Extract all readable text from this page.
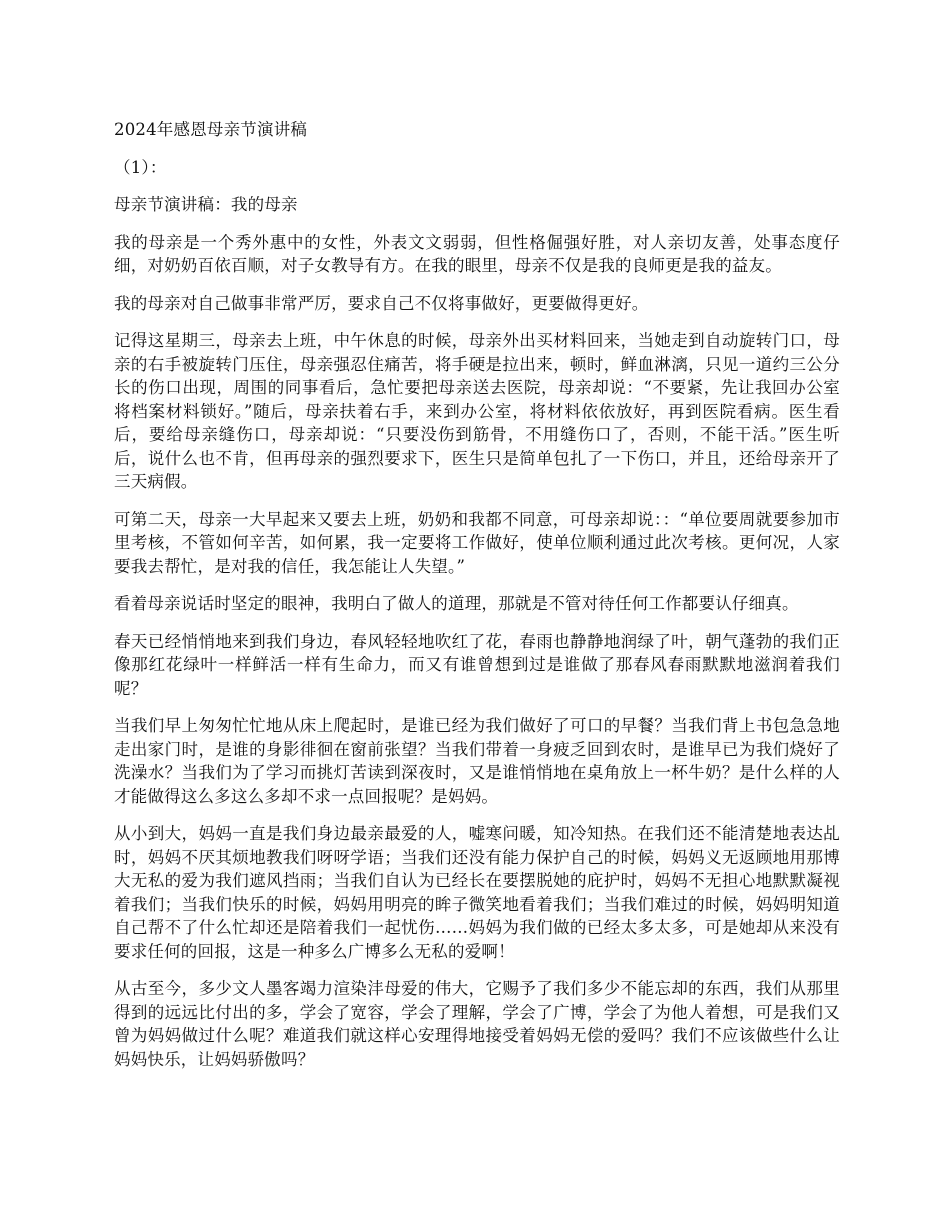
2024年感恩母亲节演讲稿

（1）：

母亲节演讲稿：我的母亲

我的母亲是一个秀外惠中的女性，外表文文弱弱，但性格倔强好胜，对人亲切友善，处事态度仔细，对奶奶百依百顺，对子女教导有方。在我的眼里，母亲不仅是我的良师更是我的益友。

我的母亲对自己做事非常严厉，要求自己不仅将事做好，更要做得更好。

记得这星期三，母亲去上班，中午休息的时候，母亲外出买材料回来，当她走到自动旋转门口，母亲的右手被旋转门压住，母亲强忍住痛苦，将手硬是拉出来，顿时，鲜血淋漓，只见一道约三公分长的伤口出现，周围的同事看后，急忙要把母亲送去医院，母亲却说：“不要紧，先让我回办公室将档案材料锁好。”随后，母亲扶着右手，来到办公室，将材料依依放好，再到医院看病。医生看后，要给母亲缝伤口，母亲却说：“只要没伤到筋骨，不用缝伤口了，否则，不能干活。”医生听后，说什么也不肯，但再母亲的强烈要求下，医生只是简单包扎了一下伤口，并且，还给母亲开了三天病假。

可第二天，母亲一大早起来又要去上班，奶奶和我都不同意，可母亲却说：：“单位要周就要参加市里考核，不管如何辛苦，如何累，我一定要将工作做好，使单位顺利通过此次考核。更何况，人家要我去帮忙，是对我的信任，我怎能让人失望。”

看着母亲说话时坚定的眼神，我明白了做人的道理，那就是不管对待任何工作都要认仔细真。

春天已经悄悄地来到我们身边，春风轻轻地吹红了花，春雨也静静地润绿了叶，朝气蓬勃的我们正像那红花绿叶一样鲜活一样有生命力，而又有谁曾想到过是谁做了那春风春雨默默地滋润着我们呢？

当我们早上匆匆忙忙地从床上爬起时，是谁已经为我们做好了可口的早餐？当我们背上书包急急地走出家门时，是谁的身影徘徊在窗前张望？当我们带着一身疲乏回到农时，是谁早已为我们烧好了洗澡水？当我们为了学习而挑灯苦读到深夜时，又是谁悄悄地在桌角放上一杯牛奶？是什么样的人才能做得这么多这么多却不求一点回报呢？是妈妈。

从小到大，妈妈一直是我们身边最亲最爱的人，嘘寒问暖，知冷知热。在我们还不能清楚地表达乩时，妈妈不厌其烦地教我们呀呀学语；当我们还没有能力保护自己的时候，妈妈义无返顾地用那博大无私的爱为我们遮风挡雨；当我们自认为已经长在要摆脱她的庇护时，妈妈不无担心地默默凝视着我们；当我们快乐的时候，妈妈用明亮的眸子微笑地看着我们；当我们难过的时候，妈妈明知道自己帮不了什么忙却还是陪着我们一起忧伤……妈妈为我们做的已经太多太多，可是她却从来没有要求任何的回报，这是一种多么广博多么无私的爱啊！

从古至今，多少文人墨客竭力渲染沣母爱的伟大，它赐予了我们多少不能忘却的东西，我们从那里得到的远远比付出的多，学会了宽容，学会了理解，学会了广博，学会了为他人着想，可是我们又曾为妈妈做过什么呢？难道我们就这样心安理得地接受着妈妈无偿的爱吗？我们不应该做些什么让妈妈快乐，让妈妈骄傲吗？
